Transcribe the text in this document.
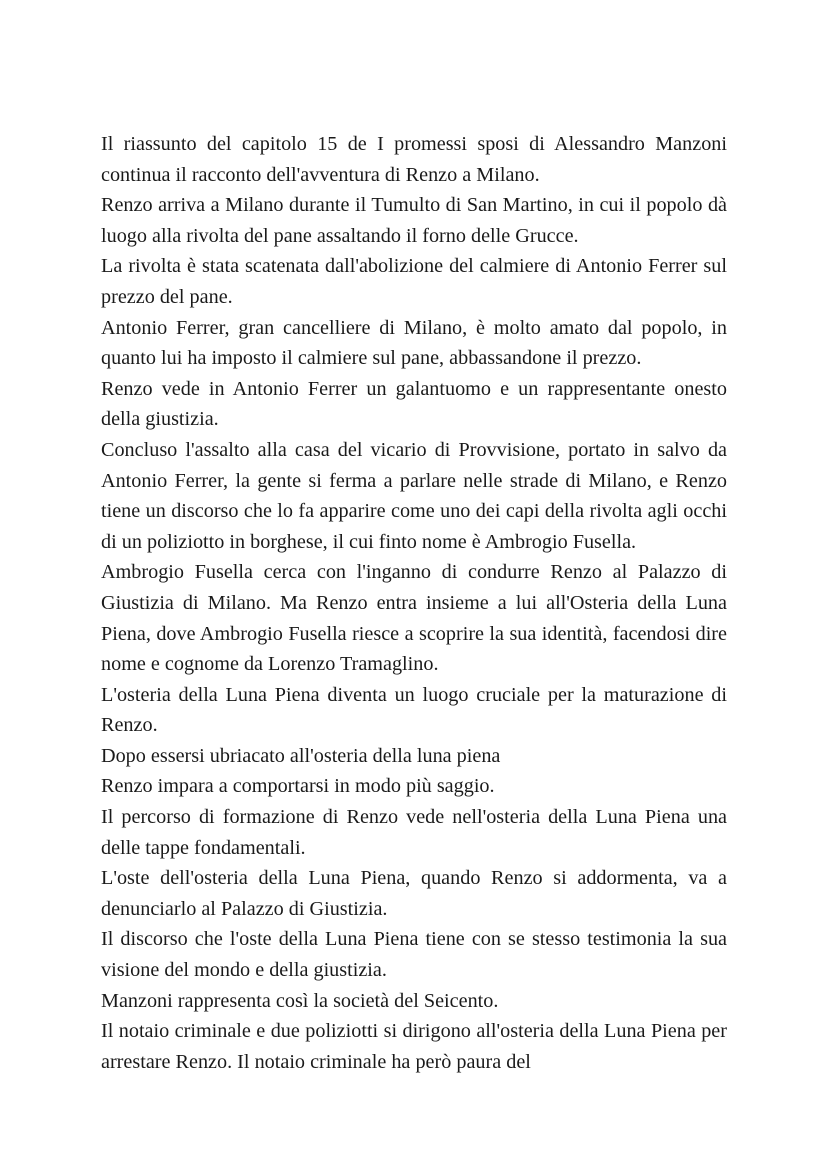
Il riassunto del capitolo 15 de I promessi sposi di Alessandro Manzoni continua il racconto dell'avventura di Renzo a Milano.

Renzo arriva a Milano durante il Tumulto di San Martino, in cui il popolo dà luogo alla rivolta del pane assaltando il forno delle Grucce.

La rivolta è stata scatenata dall'abolizione del calmiere di Antonio Ferrer sul prezzo del pane.

Antonio Ferrer, gran cancelliere di Milano, è molto amato dal popolo, in quanto lui ha imposto il calmiere sul pane, abbassandone il prezzo.

Renzo vede in Antonio Ferrer un galantuomo e un rappresentante onesto della giustizia.

Concluso l'assalto alla casa del vicario di Provvisione, portato in salvo da Antonio Ferrer, la gente si ferma a parlare nelle strade di Milano, e Renzo tiene un discorso che lo fa apparire come uno dei capi della rivolta agli occhi di un poliziotto in borghese, il cui finto nome è Ambrogio Fusella.

Ambrogio Fusella cerca con l'inganno di condurre Renzo al Palazzo di Giustizia di Milano. Ma Renzo entra insieme a lui all'Osteria della Luna Piena, dove Ambrogio Fusella riesce a scoprire la sua identità, facendosi dire nome e cognome da Lorenzo Tramaglino.

L'osteria della Luna Piena diventa un luogo cruciale per la maturazione di Renzo.

Dopo essersi ubriacato all'osteria della luna piena

Renzo impara a comportarsi in modo più saggio.

Il percorso di formazione di Renzo vede nell'osteria della Luna Piena una delle tappe fondamentali.

L'oste dell'osteria della Luna Piena, quando Renzo si addormenta, va a denunciarlo al Palazzo di Giustizia.

Il discorso che l'oste della Luna Piena tiene con se stesso testimonia la sua visione del mondo e della giustizia.

Manzoni rappresenta così la società del Seicento.

Il notaio criminale e due poliziotti si dirigono all'osteria della Luna Piena per arrestare Renzo. Il notaio criminale ha però paura del
